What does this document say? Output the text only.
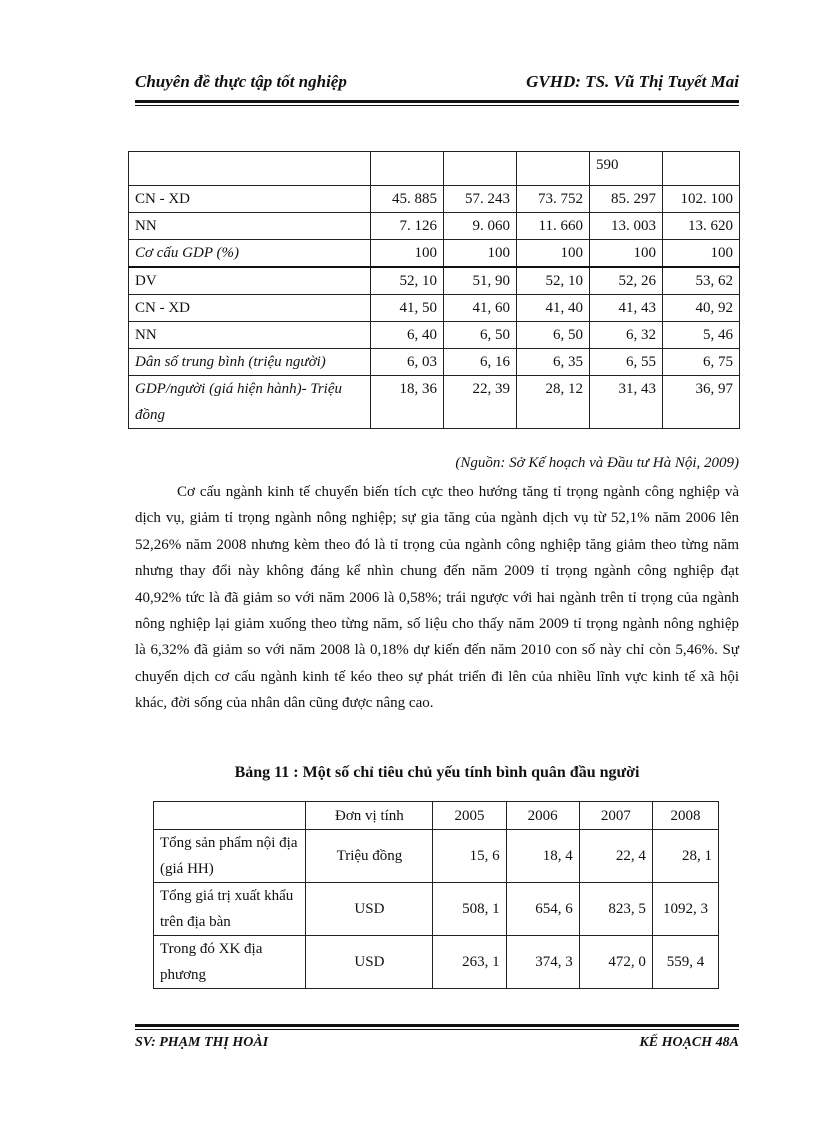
Chuyên đề thực tập tốt nghiệp	GVHD: TS. Vũ Thị Tuyết Mai
				590	
CN - XD	45. 885	57. 243	73. 752	85. 297	102. 100
NN	7. 126	9. 060	11. 660	13. 003	13. 620
Cơ cấu GDP (%)	100	100	100	100	100
DV	52, 10	51, 90	52, 10	52, 26	53, 62
CN - XD	41, 50	41, 60	41, 40	41, 43	40, 92
NN	6, 40	6, 50	6, 50	6, 32	5, 46
Dân số trung bình (triệu người)	6, 03	6, 16	6, 35	6, 55	6, 75
GDP/người (giá hiện hành)- Triệu đồng	18, 36	22, 39	28, 12	31, 43	36, 97
(Nguồn: Sở Kế hoạch và Đầu tư Hà Nội, 2009)

Cơ cấu ngành kinh tế chuyển biến tích cực theo hướng tăng tỉ trọng ngành công nghiệp và dịch vụ, giảm tỉ trọng ngành nông nghiệp; sự gia tăng của ngành dịch vụ từ 52,1% năm 2006 lên 52,26% năm 2008 nhưng kèm theo đó là tỉ trọng của ngành công nghiệp tăng giảm theo từng năm nhưng thay đổi này không đáng kể nhìn chung đến năm 2009 tỉ trọng ngành công nghiệp đạt 40,92% tức là đã giảm so với năm 2006 là 0,58%; trái ngược với hai ngành trên tỉ trọng của ngành nông nghiệp lại giảm xuống theo từng năm, số liệu cho thấy năm 2009 tỉ trọng ngành nông nghiệp là 6,32% đã giảm so với năm 2008 là 0,18% dự kiến đến năm 2010 con số này chỉ còn 5,46%. Sự chuyển dịch cơ cấu ngành kinh tế kéo theo sự phát triển đi lên của nhiều lĩnh vực kinh tế xã hội khác, đời sống của nhân dân cũng được nâng cao.

Bảng 11 : Một số chỉ tiêu chủ yếu tính bình quân đầu người
	Đơn vị tính	2005	2006	2007	2008
Tổng sản phẩm nội địa (giá HH)	Triệu đồng	15, 6	18, 4	22, 4	28, 1
Tổng giá trị xuất khẩu trên địa bàn	USD	508, 1	654, 6	823, 5	1092, 3
Trong đó XK địa phương	USD	263, 1	374, 3	472, 0	559, 4
SV: PHẠM THỊ HOÀI	KẾ HOẠCH 48A
